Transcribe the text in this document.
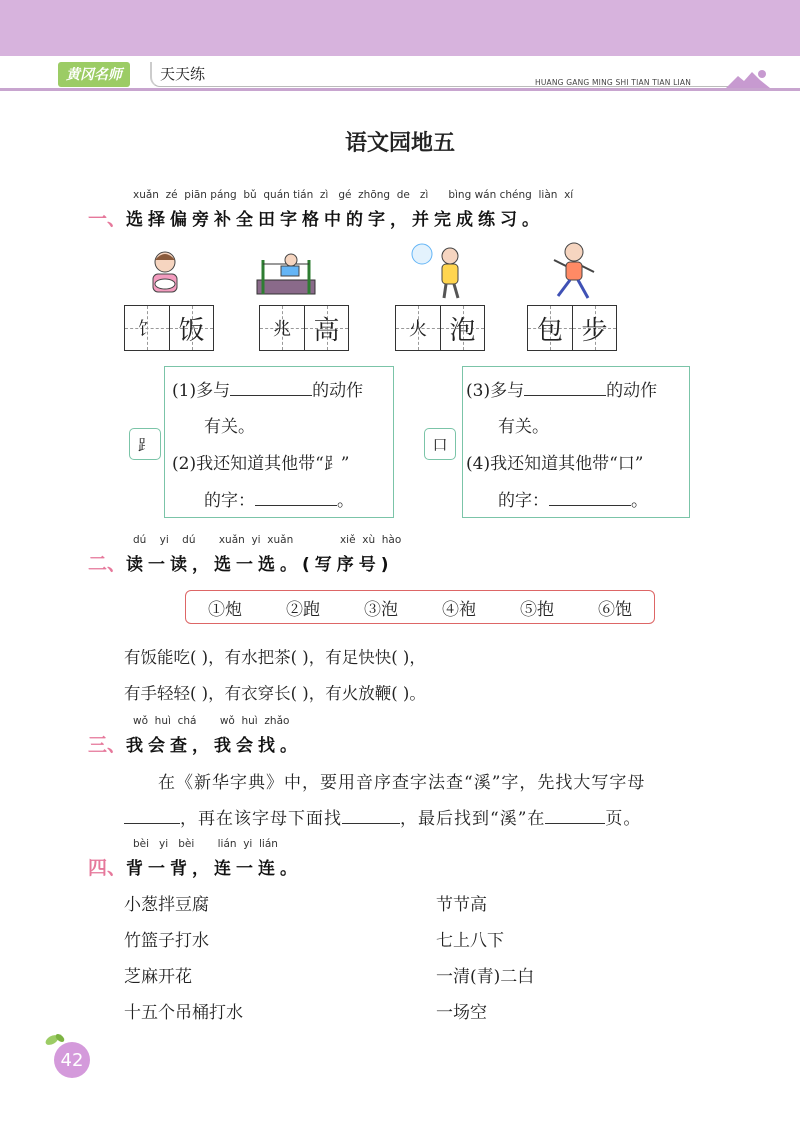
黄冈名师	天天练	HUANG GANG MING SHI TIAN TIAN LIAN
语文园地五
xuǎn  zé  piān páng  bǔ  quán tián  zì   gé  zhōng  de   zì      bìng wán chéng  liàn  xí
一、选择偏旁补全田字格中的字，并完成练习。
饣 饭	兆 高	火 泡 包 步
⻊
(1)多与	的动作
有关。
(2)我还知道其他带“⻊”
的字：	。
口
(3)多与	的动作
有关。
(4)我还知道其他带“口”
的字：	。
dú    yi    dú       xuǎn  yi  xuǎn              xiě  xù  hào
二、读一读，选一选。(写序号)
①炮	②跑	③泡	④袍	⑤抱	⑥饱
有饭能吃( )，有水把茶( )，有足快快( )，
有手轻轻( )，有衣穿长( )，有火放鞭( )。
wǒ  huì  chá       wǒ  huì  zhǎo
三、我会查，我会找。
在《新华字典》中，要用音序查字法查“溪”字，先找大写字母
，再在该字母下面找	，最后找到“溪”在	页。
bèi   yi   bèi       lián  yi  lián
四、背一背，连一连。
小葱拌豆腐
竹篮子打水
芝麻开花
十五个吊桶打水
节节高
七上八下
一清(青)二白
一场空
42
